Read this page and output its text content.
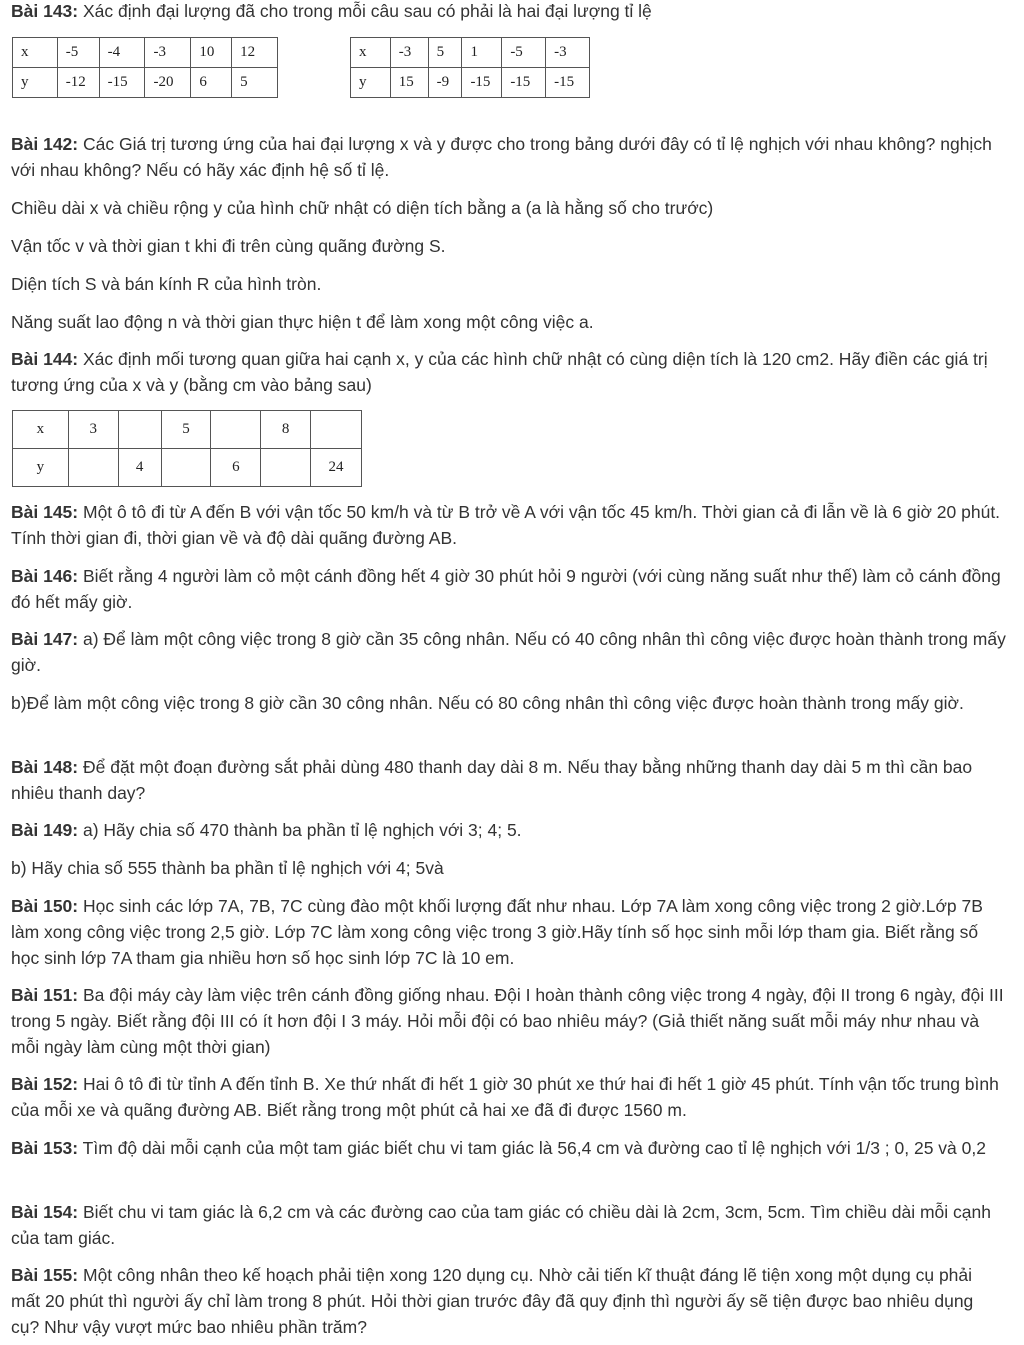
Bài 143: Xác định đại lượng đã cho trong mỗi câu sau có phải là hai đại lượng tỉ lệ

x	-5	-4	-3	10	12
y	-12	-15	-20	6	5
x	-3	5	1	-5	-3
y	15	-9	-15	-15	-15

Bài 142: Các Giá trị tương ứng của hai đại lượng x và y được cho trong bảng dưới đây có tỉ lệ nghịch với nhau không? nghịch với nhau không? Nếu có hãy xác định hệ số tỉ lệ.

Chiều dài x và chiều rộng y của hình chữ nhật có diện tích bằng a (a là hằng số cho trước)

Vận tốc v và thời gian t khi đi trên cùng quãng đường S.

Diện tích S và bán kính R của hình tròn.

Năng suất lao động n và thời gian thực hiện t để làm xong một công việc a.

Bài 144: Xác định mối tương quan giữa hai cạnh x, y của các hình chữ nhật có cùng diện tích là 120 cm2. Hãy điền các giá trị tương ứng của x và y (bằng cm vào bảng sau)

x	3		5		8	
y		4		6		24

Bài 145: Một ô tô đi từ A đến B với vận tốc 50 km/h và từ B trở về A với vận tốc 45 km/h. Thời gian cả đi lẫn về là 6 giờ 20 phút. Tính thời gian đi, thời gian về và độ dài quãng đường AB.

Bài 146: Biết rằng 4 người làm cỏ một cánh đồng hết 4 giờ 30 phút hỏi 9 người (với cùng năng suất như thế) làm cỏ cánh đồng đó hết mấy giờ.

Bài 147: a) Để làm một công việc trong 8 giờ cần 35 công nhân. Nếu có 40 công nhân thì công việc được hoàn thành trong mấy giờ.

b)Để làm một công việc trong 8 giờ cần 30 công nhân. Nếu có 80 công nhân thì công việc được hoàn thành trong mấy giờ.

Bài 148: Để đặt một đoạn đường sắt phải dùng 480 thanh day dài 8 m. Nếu thay bằng những thanh day dài 5 m thì cần bao nhiêu thanh day?

Bài 149: a) Hãy chia số 470 thành ba phần tỉ lệ nghịch với 3; 4; 5.

b) Hãy chia số 555 thành ba phần tỉ lệ nghịch với 4; 5và

Bài 150: Học sinh các lớp 7A, 7B, 7C cùng đào một khối lượng đất như nhau. Lớp 7A làm xong công việc trong 2 giờ.Lớp 7B làm xong công việc trong 2,5 giờ. Lớp 7C làm xong công việc trong 3 giờ.Hãy tính số học sinh mỗi lớp tham gia. Biết rằng số học sinh lớp 7A tham gia nhiều hơn số học sinh lớp 7C là 10 em.

Bài 151: Ba đội máy cày làm việc trên cánh đồng giống nhau. Đội I hoàn thành công việc trong 4 ngày, đội II trong 6 ngày, đội III trong 5 ngày. Biết rằng đội III có ít hơn đội I 3 máy. Hỏi mỗi đội có bao nhiêu máy? (Giả thiết năng suất mỗi máy như nhau và mỗi ngày làm cùng một thời gian)

Bài 152: Hai ô tô đi từ tỉnh A đến tỉnh B. Xe thứ nhất đi hết 1 giờ 30 phút xe thứ hai đi hết 1 giờ 45 phút. Tính vận tốc trung bình của mỗi xe và quãng đường AB. Biết rằng trong một phút cả hai xe đã đi được 1560 m.

Bài 153: Tìm độ dài mỗi cạnh của một tam giác biết chu vi tam giác là 56,4 cm và đường cao tỉ lệ nghịch với 1/3 ; 0, 25 và 0,2

Bài 154: Biết chu vi tam giác là 6,2 cm và các đường cao của tam giác có chiều dài là 2cm, 3cm, 5cm. Tìm chiều dài mỗi cạnh của tam giác.

Bài 155: Một công nhân theo kế hoạch phải tiện xong 120 dụng cụ. Nhờ cải tiến kĩ thuật đáng lẽ tiện xong một dụng cụ phải mất 20 phút thì người ấy chỉ làm trong 8 phút. Hỏi thời gian trước đây đã quy định thì người ấy sẽ tiện được bao nhiêu dụng cụ? Như vậy vượt mức bao nhiêu phần trăm?
